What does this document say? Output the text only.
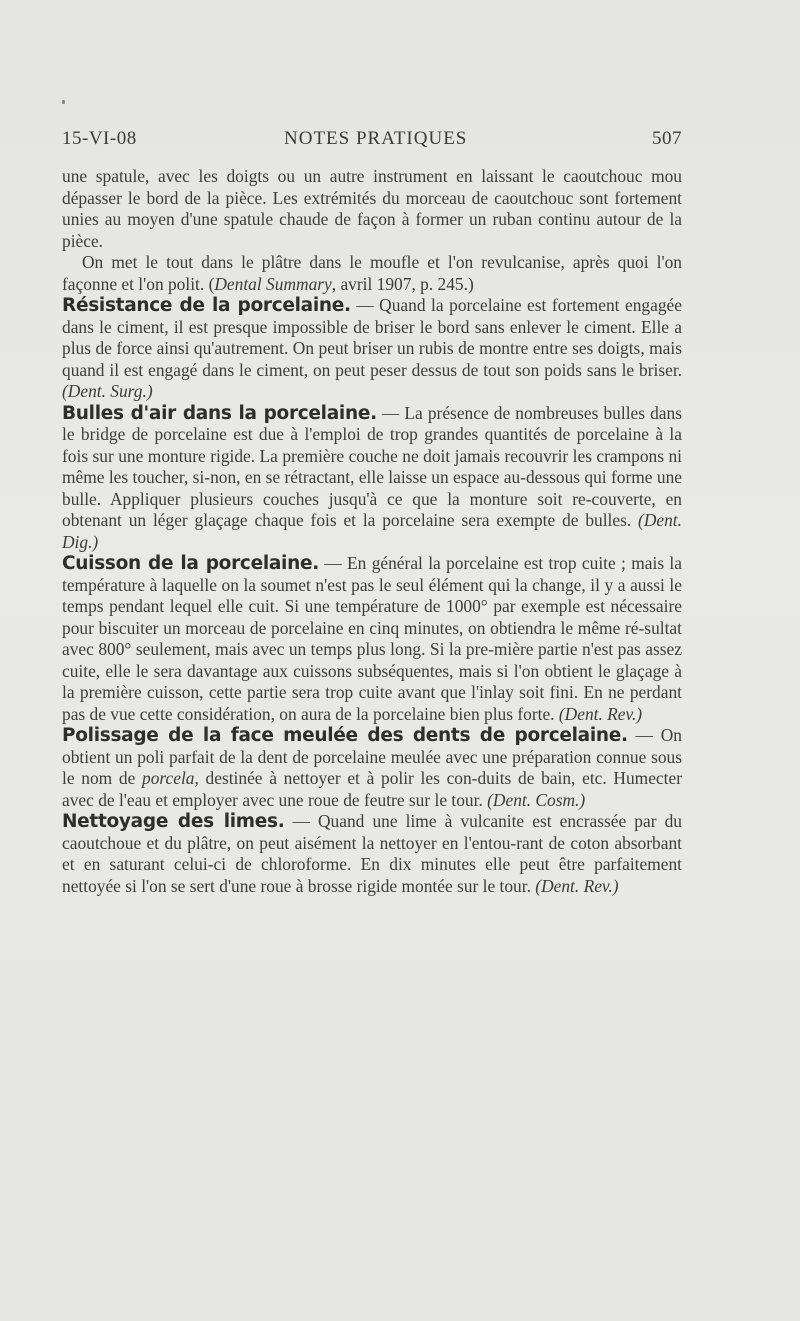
15-VI-08	NOTES PRATIQUES	507

une spatule, avec les doigts ou un autre instrument en laissant le caoutchouc mou dépasser le bord de la pièce. Les extrémités du morceau de caoutchouc sont fortement unies au moyen d'une spatule chaude de façon à former un ruban continu autour de la pièce.

On met le tout dans le plâtre dans le moufle et l'on revulcanise, après quoi l'on façonne et l'on polit. (Dental Summary, avril 1907, p. 245.)

Résistance de la porcelaine. — Quand la porcelaine est fortement engagée dans le ciment, il est presque impossible de briser le bord sans enlever le ciment. Elle a plus de force ainsi qu'autrement. On peut briser un rubis de montre entre ses doigts, mais quand il est engagé dans le ciment, on peut peser dessus de tout son poids sans le briser. (Dent. Surg.)

Bulles d'air dans la porcelaine. — La présence de nombreuses bulles dans le bridge de porcelaine est due à l'emploi de trop grandes quantités de porcelaine à la fois sur une monture rigide. La première couche ne doit jamais recouvrir les crampons ni même les toucher, si-non, en se rétractant, elle laisse un espace au-dessous qui forme une bulle. Appliquer plusieurs couches jusqu'à ce que la monture soit re-couverte, en obtenant un léger glaçage chaque fois et la porcelaine sera exempte de bulles. (Dent. Dig.)

Cuisson de la porcelaine. — En général la porcelaine est trop cuite ; mais la température à laquelle on la soumet n'est pas le seul élément qui la change, il y a aussi le temps pendant lequel elle cuit. Si une température de 1000° par exemple est nécessaire pour biscuiter un morceau de porcelaine en cinq minutes, on obtiendra le même ré-sultat avec 800° seulement, mais avec un temps plus long. Si la pre-mière partie n'est pas assez cuite, elle le sera davantage aux cuissons subséquentes, mais si l'on obtient le glaçage à la première cuisson, cette partie sera trop cuite avant que l'inlay soit fini. En ne perdant pas de vue cette considération, on aura de la porcelaine bien plus forte. (Dent. Rev.)

Polissage de la face meulée des dents de porcelaine. — On obtient un poli parfait de la dent de porcelaine meulée avec une préparation connue sous le nom de porcela, destinée à nettoyer et à polir les con-duits de bain, etc. Humecter avec de l'eau et employer avec une roue de feutre sur le tour. (Dent. Cosm.)

Nettoyage des limes. — Quand une lime à vulcanite est encrassée par du caoutchoue et du plâtre, on peut aisément la nettoyer en l'entou-rant de coton absorbant et en saturant celui-ci de chloroforme. En dix minutes elle peut être parfaitement nettoyée si l'on se sert d'une roue à brosse rigide montée sur le tour. (Dent. Rev.)
